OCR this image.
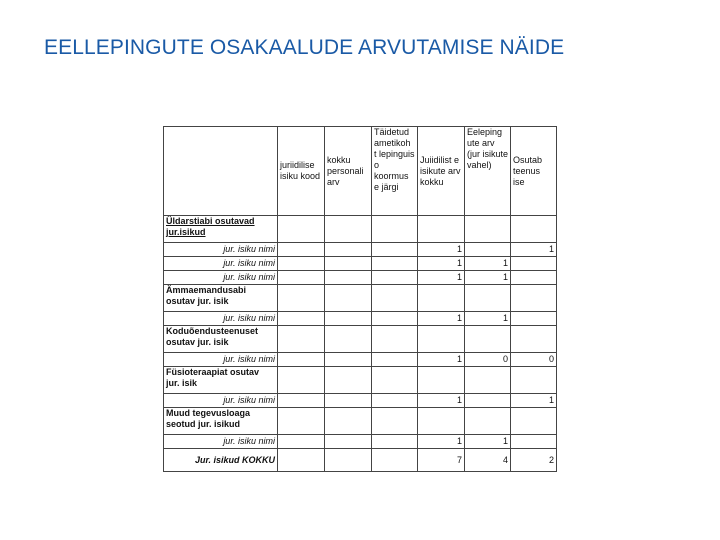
EELLEPINGUTE OSAKAALUDE ARVUTAMISE NÄIDE
	juriidilise isiku kood	kokku personali arv	Täidetud ametikoh t lepinguis o koormus e järgi	Juiidilist e isikute arv kokku	Eeleping ute arv (jur isikute vahel)	Osutab teenus ise
Üldarstiabi osutavad jur.isikud						
jur. isiku nimi				1		1
jur. isiku nimi				1	1	
jur. isiku nimi				1	1	
Ämmaemandusabi osutav jur. isik						
jur. isiku nimi				1	1	
Koduõendusteenuset osutav jur. isik						
jur. isiku nimi				1	0	0
Füsioteraapiat osutav jur. isik						
jur. isiku nimi				1		1
Muud tegevusloaga seotud jur. isikud						
jur. isiku nimi				1	1	
Jur. isikud KOKKU				7	4	2
